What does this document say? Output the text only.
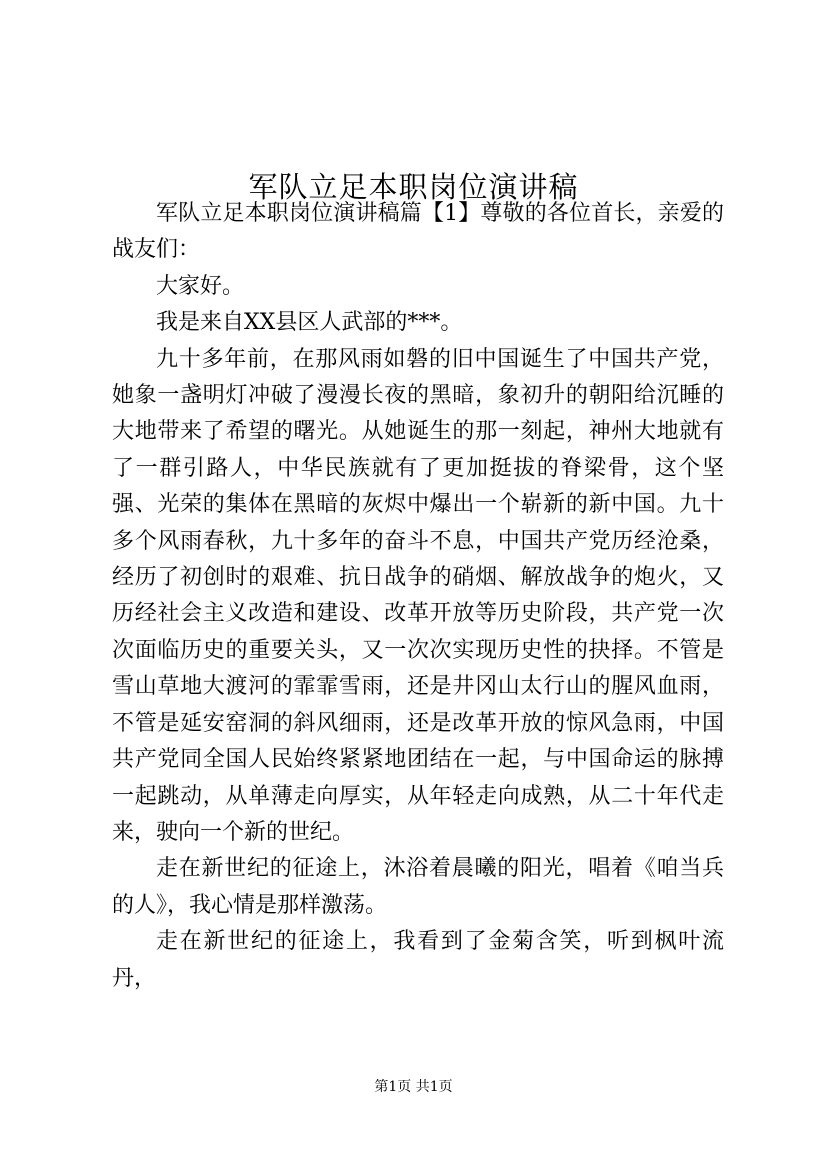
军队立足本职岗位演讲稿

军队立足本职岗位演讲稿篇【1】尊敬的各位首长，亲爱的战友们：

大家好。

我是来自XX县区人武部的***。

九十多年前，在那风雨如磐的旧中国诞生了中国共产党，她象一盏明灯冲破了漫漫长夜的黑暗，象初升的朝阳给沉睡的大地带来了希望的曙光。从她诞生的那一刻起，神州大地就有了一群引路人，中华民族就有了更加挺拔的脊梁骨，这个坚强、光荣的集体在黑暗的灰烬中爆出一个崭新的新中国。九十多个风雨春秋，九十多年的奋斗不息，中国共产党历经沧桑，经历了初创时的艰难、抗日战争的硝烟、解放战争的炮火，又历经社会主义改造和建设、改革开放等历史阶段，共产党一次次面临历史的重要关头，又一次次实现历史性的抉择。不管是雪山草地大渡河的霏霏雪雨，还是井冈山太行山的腥风血雨，不管是延安窑洞的斜风细雨，还是改革开放的惊风急雨，中国共产党同全国人民始终紧紧地团结在一起，与中国命运的脉搏一起跳动，从单薄走向厚实，从年轻走向成熟，从二十年代走来，驶向一个新的世纪。

走在新世纪的征途上，沐浴着晨曦的阳光，唱着《咱当兵的人》，我心情是那样激荡。

走在新世纪的征途上，我看到了金菊含笑，听到枫叶流丹，

第1页 共1页
